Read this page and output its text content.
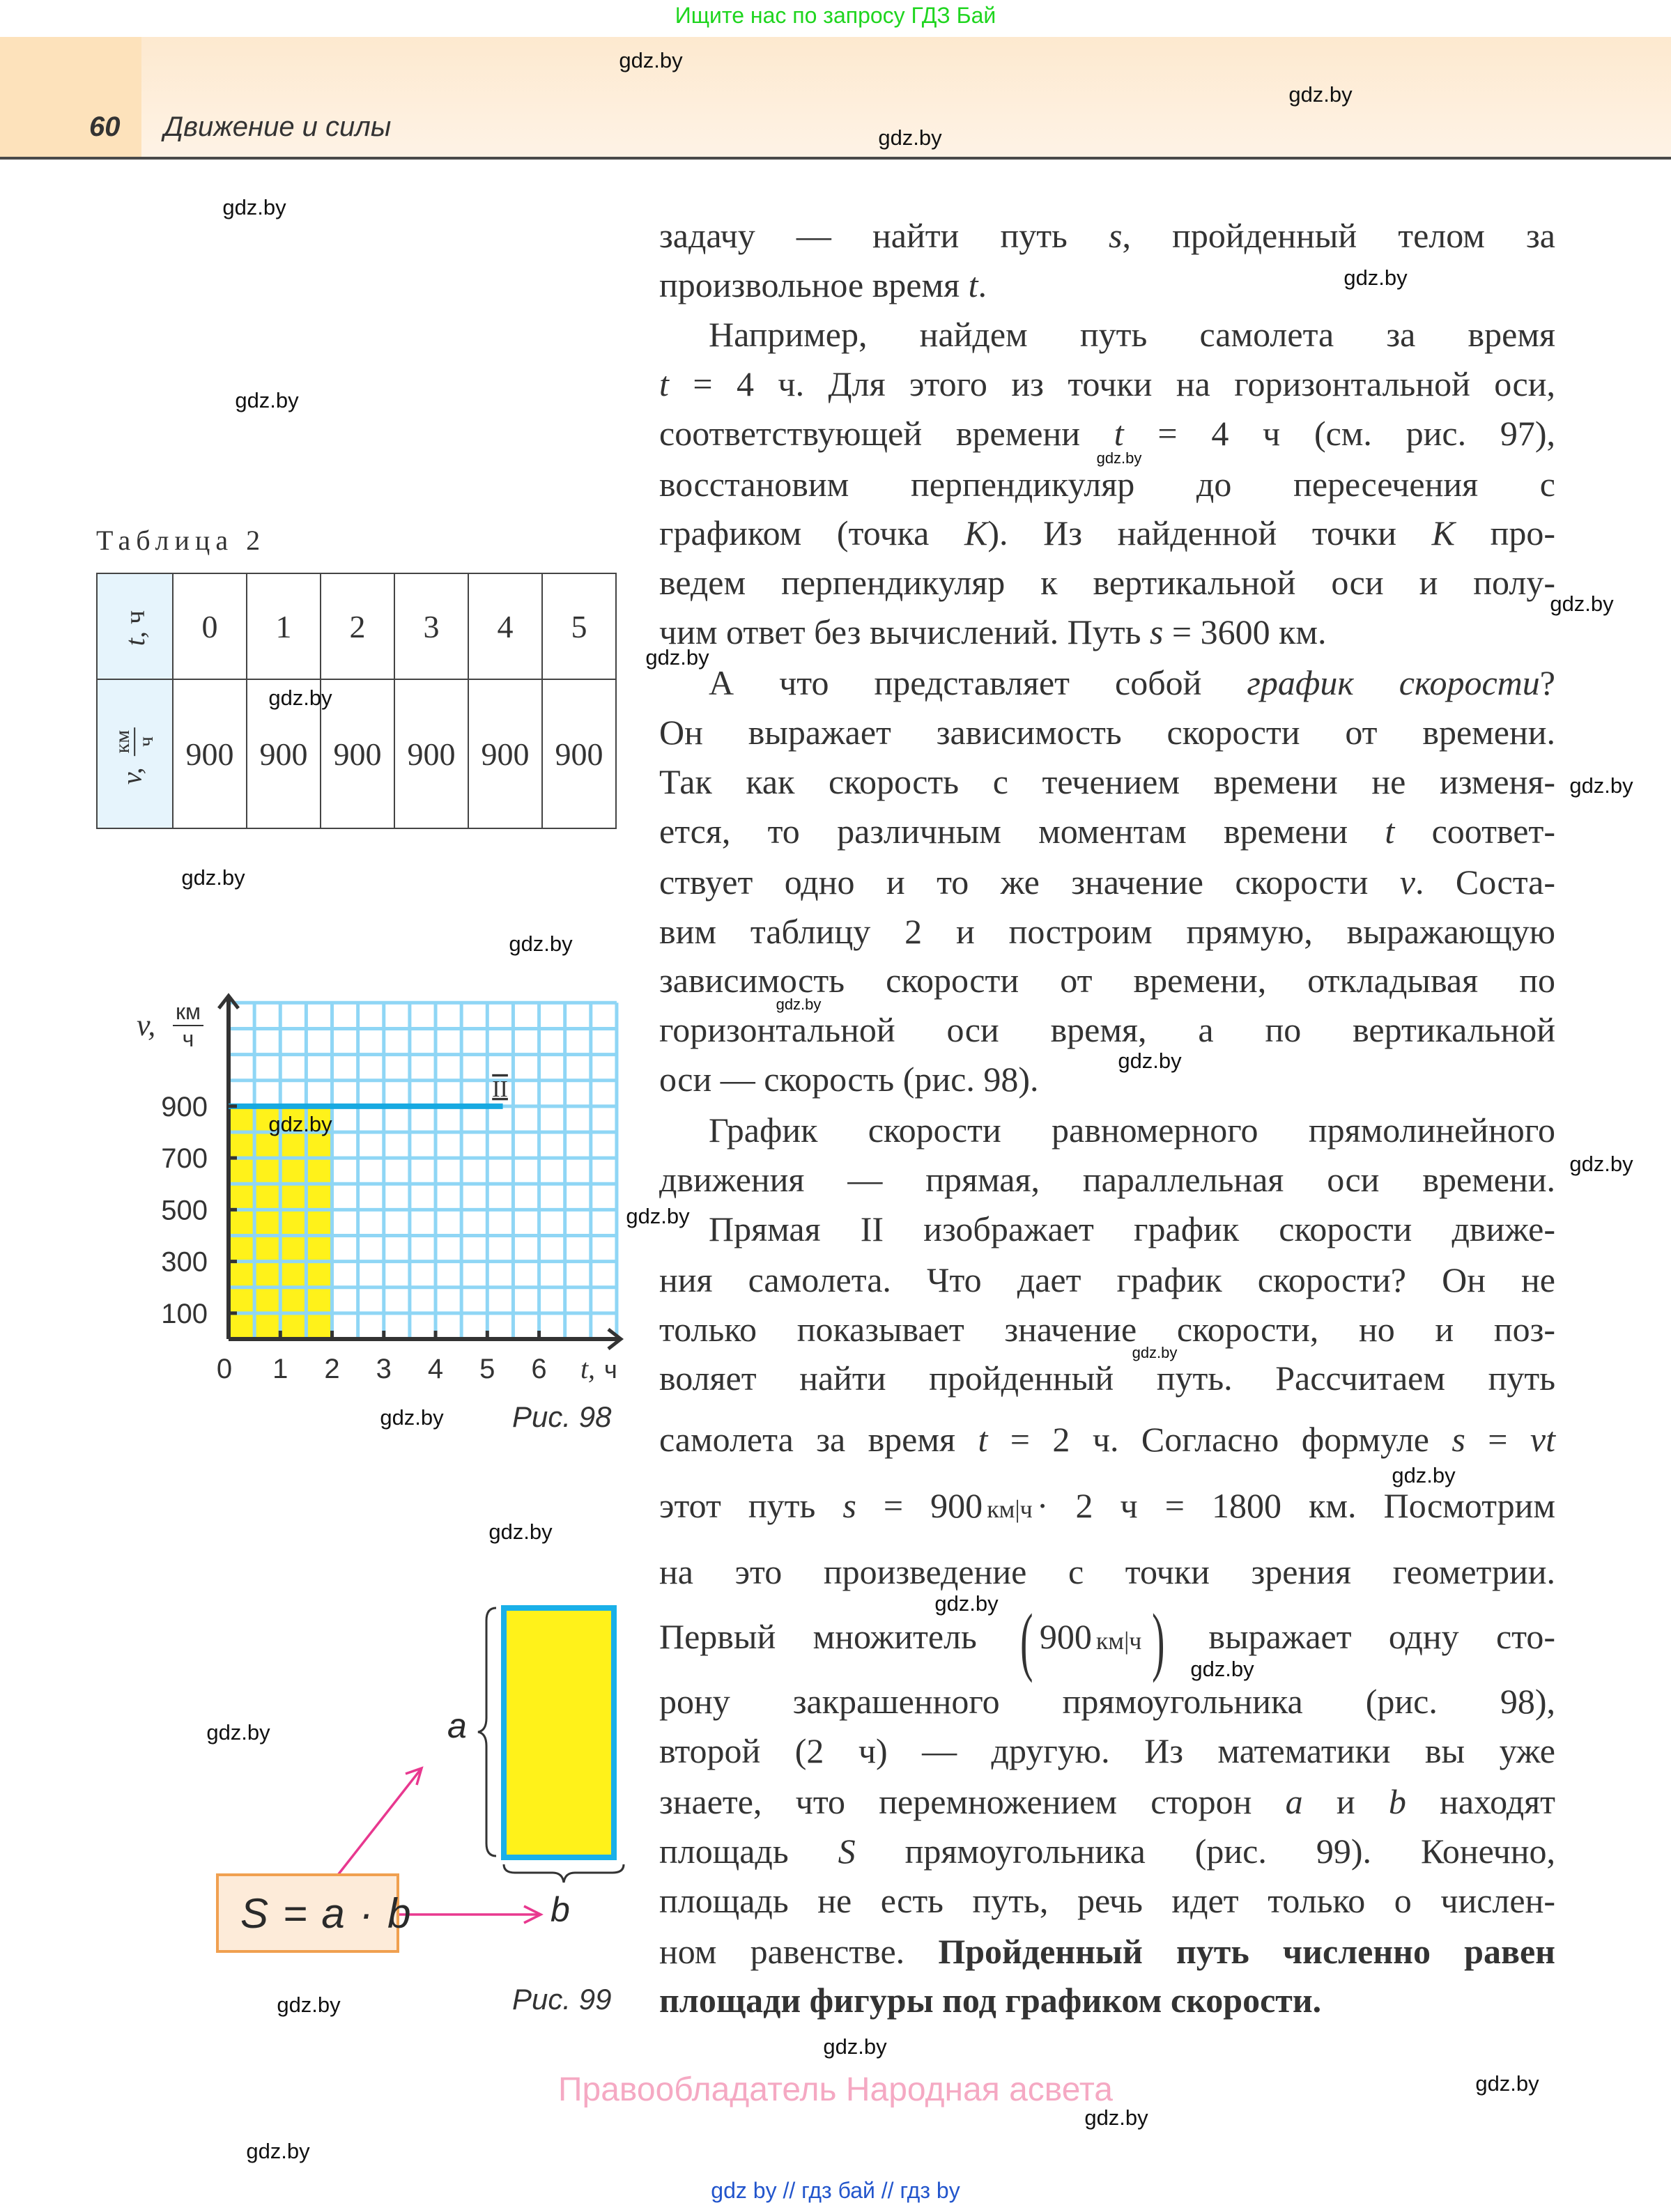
Ищите нас по запросу ГДЗ Бай
60 Движение и силы
задачу — найти путь s, пройденный телом за
произвольное время t.
Например, найдем путь самолета за время
t = 4 ч. Для этого из точки на горизонтальной оси,
соответствующей времени t = 4 ч (см. рис. 97),
восстановим перпендикуляр до пересечения с
графиком (точка K). Из найденной точки K про-
ведем перпендикуляр к вертикальной оси и полу-
чим ответ без вычислений. Путь s = 3600 км.
А что представляет собой график скорости?
Он выражает зависимость скорости от времени.
Так как скорость с течением времени не изменя-
ется, то различным моментам времени t соответ-
ствует одно и то же значение скорости v. Соста-
вим таблицу 2 и построим прямую, выражающую
зависимость скорости от времени, откладывая по
горизонтальной оси время, а по вертикальной
оси — скорость (рис. 98).
График скорости равномерного прямолинейного
движения — прямая, параллельная оси времени.
Прямая II изображает график скорости движе-
ния самолета. Что дает график скорости? Он не
только показывает значение скорости, но и поз-
воляет найти пройденный путь. Рассчитаем путь
самолета за время t = 2 ч. Согласно формуле s = vt
этот путь s = 900 км|ч · 2 ч = 1800 км. Посмотрим
на это произведение с точки зрения геометрии.
Первый множитель ( 900 км|ч ) выражает одну сто-
рону закрашенного прямоугольника (рис. 98),
второй (2 ч) — другую. Из математики вы уже
знаете, что перемножением сторон a и b находят
площадь S прямоугольника (рис. 99). Конечно,
площадь не есть путь, речь идет только о числен-
ном равенстве. Пройденный путь численно равен
площади фигуры под графиком скорости.
Таблица 2
t, ч	0	1	2	3	4	5
v,
км ч	900	900	900	900	900	900
II
0 1 2 3 4 5 6
100
300
500
700
900
t, ч
v, км
ч
Рис. 98
a
b
S = a · b
Рис. 99
gdz.by
gdz.by
gdz.by
gdz.by
gdz.by
gdz.by
gdz.by
gdz.by
gdz.by
gdz.by
gdz.by
gdz.by
gdz.by
gdz.by
gdz.by
gdz.by
gdz.by
gdz.by
gdz.by
gdz.by
gdz.by
gdz.by
gdz.by
gdz.by
gdz.by
gdz.by
gdz.by
gdz.by
gdz.by
gdz.by
Правообладатель Народная асвета
gdz by // гдз бай // гдз by
